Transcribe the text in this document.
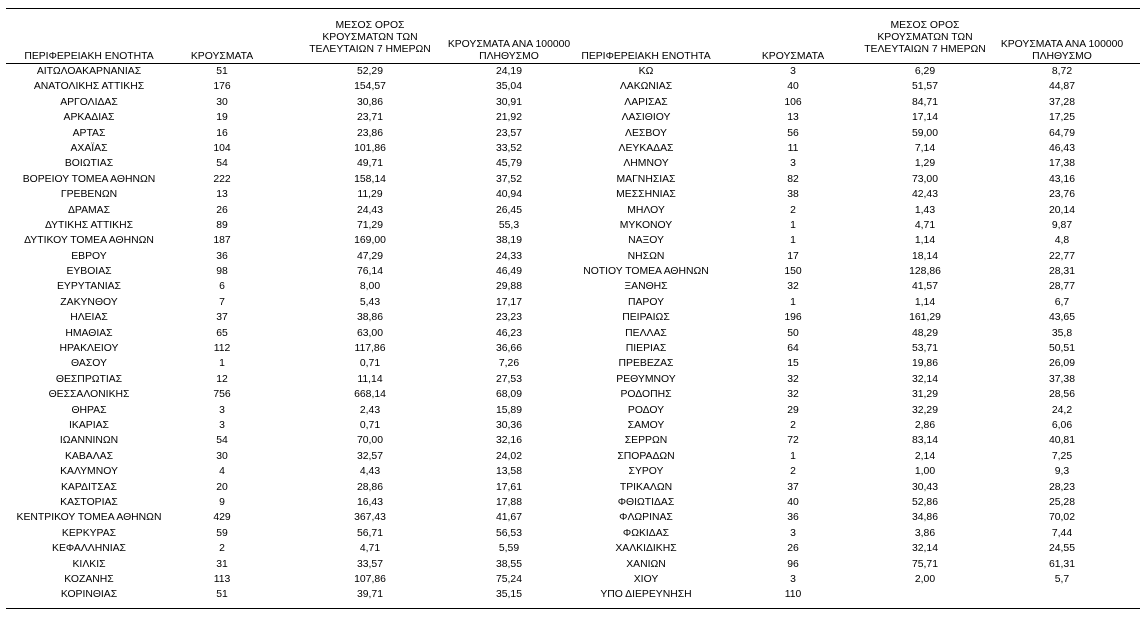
ΠΕΡΙΦΕΡΕΙΑΚΗ ΕΝΟΤΗΤΑ	ΚΡΟΥΣΜΑΤΑ
ΜΕΣΟΣ ΟΡΟΣ
ΚΡΟΥΣΜΑΤΩΝ ΤΩΝ
ΤΕΛΕΥΤΑΙΩΝ 7 ΗΜΕΡΩΝ	ΚΡΟΥΣΜΑΤΑ ΑΝΑ 100000
ΠΛΗΘΥΣΜΟ	ΠΕΡΙΦΕΡΕΙΑΚΗ ΕΝΟΤΗΤΑ	ΚΡΟΥΣΜΑΤΑ
ΜΕΣΟΣ ΟΡΟΣ
ΚΡΟΥΣΜΑΤΩΝ ΤΩΝ
ΤΕΛΕΥΤΑΙΩΝ 7 ΗΜΕΡΩΝ	ΚΡΟΥΣΜΑΤΑ ΑΝΑ 100000
ΠΛΗΘΥΣΜΟ
ΑΙΤΩΛΟΑΚΑΡΝΑΝΙΑΣ	51	52,29	24,19	ΚΩ	3	6,29	8,72
ΑΝΑΤΟΛΙΚΗΣ ΑΤΤΙΚΗΣ	176	154,57	35,04	ΛΑΚΩΝΙΑΣ	40	51,57	44,87
ΑΡΓΟΛΙΔΑΣ	30	30,86	30,91	ΛΑΡΙΣΑΣ	106	84,71	37,28
ΑΡΚΑΔΙΑΣ	19	23,71	21,92	ΛΑΣΙΘΙΟΥ	13	17,14	17,25
ΑΡΤΑΣ	16	23,86	23,57	ΛΕΣΒΟΥ	56	59,00	64,79
ΑΧΑΪΑΣ	104	101,86	33,52	ΛΕΥΚΑΔΑΣ	11	7,14	46,43
ΒΟΙΩΤΙΑΣ	54	49,71	45,79	ΛΗΜΝΟΥ	3	1,29	17,38
ΒΟΡΕΙΟΥ ΤΟΜΕΑ ΑΘΗΝΩΝ	222	158,14	37,52	ΜΑΓΝΗΣΙΑΣ	82	73,00	43,16
ΓΡΕΒΕΝΩΝ	13	11,29	40,94	ΜΕΣΣΗΝΙΑΣ	38	42,43	23,76
ΔΡΑΜΑΣ	26	24,43	26,45	ΜΗΛΟΥ	2	1,43	20,14
ΔΥΤΙΚΗΣ ΑΤΤΙΚΗΣ	89	71,29	55,3	ΜΥΚΟΝΟΥ	1	4,71	9,87
ΔΥΤΙΚΟΥ ΤΟΜΕΑ ΑΘΗΝΩΝ	187	169,00	38,19	ΝΑΞΟΥ	1	1,14	4,8
ΕΒΡΟΥ	36	47,29	24,33	ΝΗΣΩΝ	17	18,14	22,77
ΕΥΒΟΙΑΣ	98	76,14	46,49	ΝΟΤΙΟΥ ΤΟΜΕΑ ΑΘΗΝΩΝ	150	128,86	28,31
ΕΥΡΥΤΑΝΙΑΣ	6	8,00	29,88	ΞΑΝΘΗΣ	32	41,57	28,77
ΖΑΚΥΝΘΟΥ	7	5,43	17,17	ΠΑΡΟΥ	1	1,14	6,7
ΗΛΕΙΑΣ	37	38,86	23,23	ΠΕΙΡΑΙΩΣ	196	161,29	43,65
ΗΜΑΘΙΑΣ	65	63,00	46,23	ΠΕΛΛΑΣ	50	48,29	35,8
ΗΡΑΚΛΕΙΟΥ	112	117,86	36,66	ΠΙΕΡΙΑΣ	64	53,71	50,51
ΘΑΣΟΥ	1	0,71	7,26	ΠΡΕΒΕΖΑΣ	15	19,86	26,09
ΘΕΣΠΡΩΤΙΑΣ	12	11,14	27,53	ΡΕΘΥΜΝΟΥ	32	32,14	37,38
ΘΕΣΣΑΛΟΝΙΚΗΣ	756	668,14	68,09	ΡΟΔΟΠΗΣ	32	31,29	28,56
ΘΗΡΑΣ	3	2,43	15,89	ΡΟΔΟΥ	29	32,29	24,2
ΙΚΑΡΙΑΣ	3	0,71	30,36	ΣΑΜΟΥ	2	2,86	6,06
ΙΩΑΝΝΙΝΩΝ	54	70,00	32,16	ΣΕΡΡΩΝ	72	83,14	40,81
ΚΑΒΑΛΑΣ	30	32,57	24,02	ΣΠΟΡΑΔΩΝ	1	2,14	7,25
ΚΑΛΥΜΝΟΥ	4	4,43	13,58	ΣΥΡΟΥ	2	1,00	9,3
ΚΑΡΔΙΤΣΑΣ	20	28,86	17,61	ΤΡΙΚΑΛΩΝ	37	30,43	28,23
ΚΑΣΤΟΡΙΑΣ	9	16,43	17,88	ΦΘΙΩΤΙΔΑΣ	40	52,86	25,28
ΚΕΝΤΡΙΚΟΥ ΤΟΜΕΑ ΑΘΗΝΩΝ	429	367,43	41,67	ΦΛΩΡΙΝΑΣ	36	34,86	70,02
ΚΕΡΚΥΡΑΣ	59	56,71	56,53	ΦΩΚΙΔΑΣ	3	3,86	7,44
ΚΕΦΑΛΛΗΝΙΑΣ	2	4,71	5,59	ΧΑΛΚΙΔΙΚΗΣ	26	32,14	24,55
ΚΙΛΚΙΣ	31	33,57	38,55	ΧΑΝΙΩΝ	96	75,71	61,31
ΚΟΖΑΝΗΣ	113	107,86	75,24	ΧΙΟΥ	3	2,00	5,7
ΚΟΡΙΝΘΙΑΣ	51	39,71	35,15	ΥΠΟ ΔΙΕΡΕΥΝΗΣΗ	110
